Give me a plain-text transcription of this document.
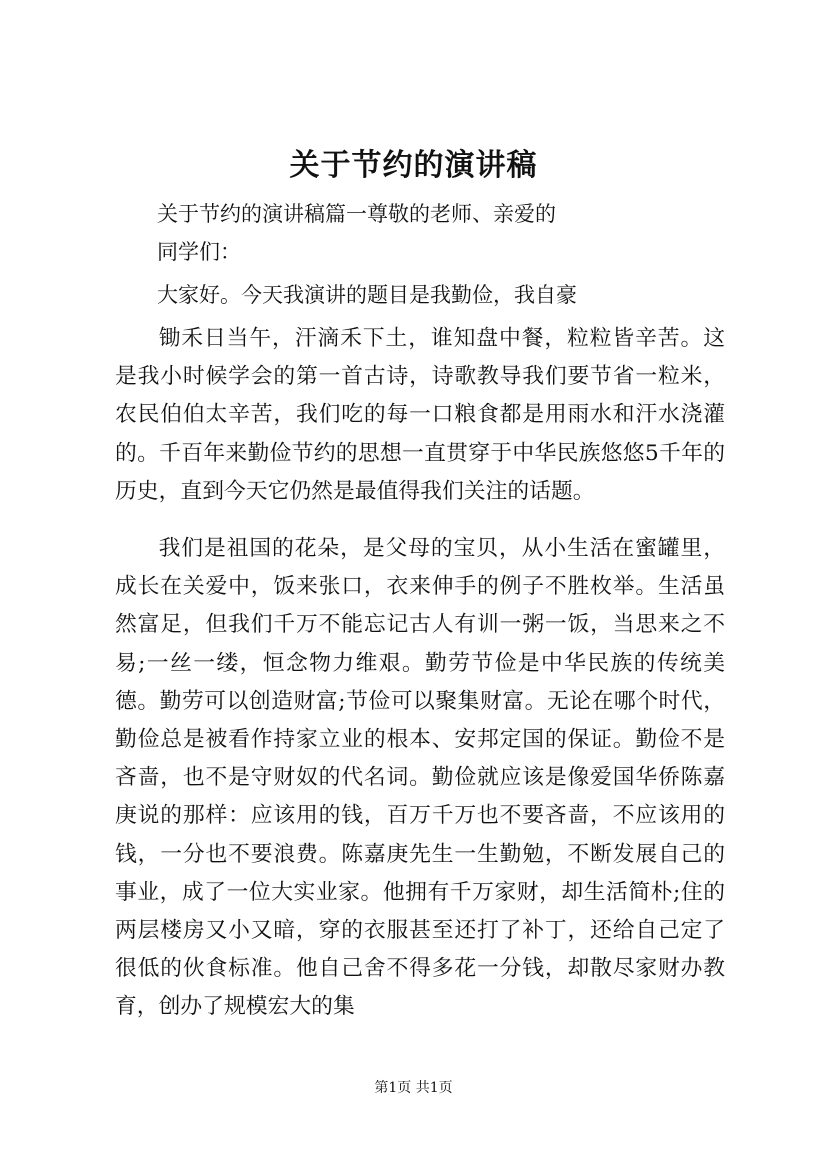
关于节约的演讲稿
关于节约的演讲稿篇一尊敬的老师、亲爱的
同学们：
大家好。今天我演讲的题目是我勤俭，我自豪

锄禾日当午，汗滴禾下土，谁知盘中餐，粒粒皆辛苦。这是我小时候学会的第一首古诗，诗歌教导我们要节省一粒米，农民伯伯太辛苦，我们吃的每一口粮食都是用雨水和汗水浇灌的。千百年来勤俭节约的思想一直贯穿于中华民族悠悠5千年的历史，直到今天它仍然是最值得我们关注的话题。

我们是祖国的花朵，是父母的宝贝，从小生活在蜜罐里，成长在关爱中，饭来张口，衣来伸手的例子不胜枚举。生活虽然富足，但我们千万不能忘记古人有训一粥一饭，当思来之不易;一丝一缕，恒念物力维艰。勤劳节俭是中华民族的传统美德。勤劳可以创造财富;节俭可以聚集财富。无论在哪个时代，勤俭总是被看作持家立业的根本、安邦定国的保证。勤俭不是吝啬，也不是守财奴的代名词。勤俭就应该是像爱国华侨陈嘉庚说的那样：应该用的钱，百万千万也不要吝啬，不应该用的钱，一分也不要浪费。陈嘉庚先生一生勤勉，不断发展自己的事业，成了一位大实业家。他拥有千万家财，却生活简朴;住的两层楼房又小又暗，穿的衣服甚至还打了补丁，还给自己定了很低的伙食标准。他自己舍不得多花一分钱，却散尽家财办教育，创办了规模宏大的集

第1页 共1页
